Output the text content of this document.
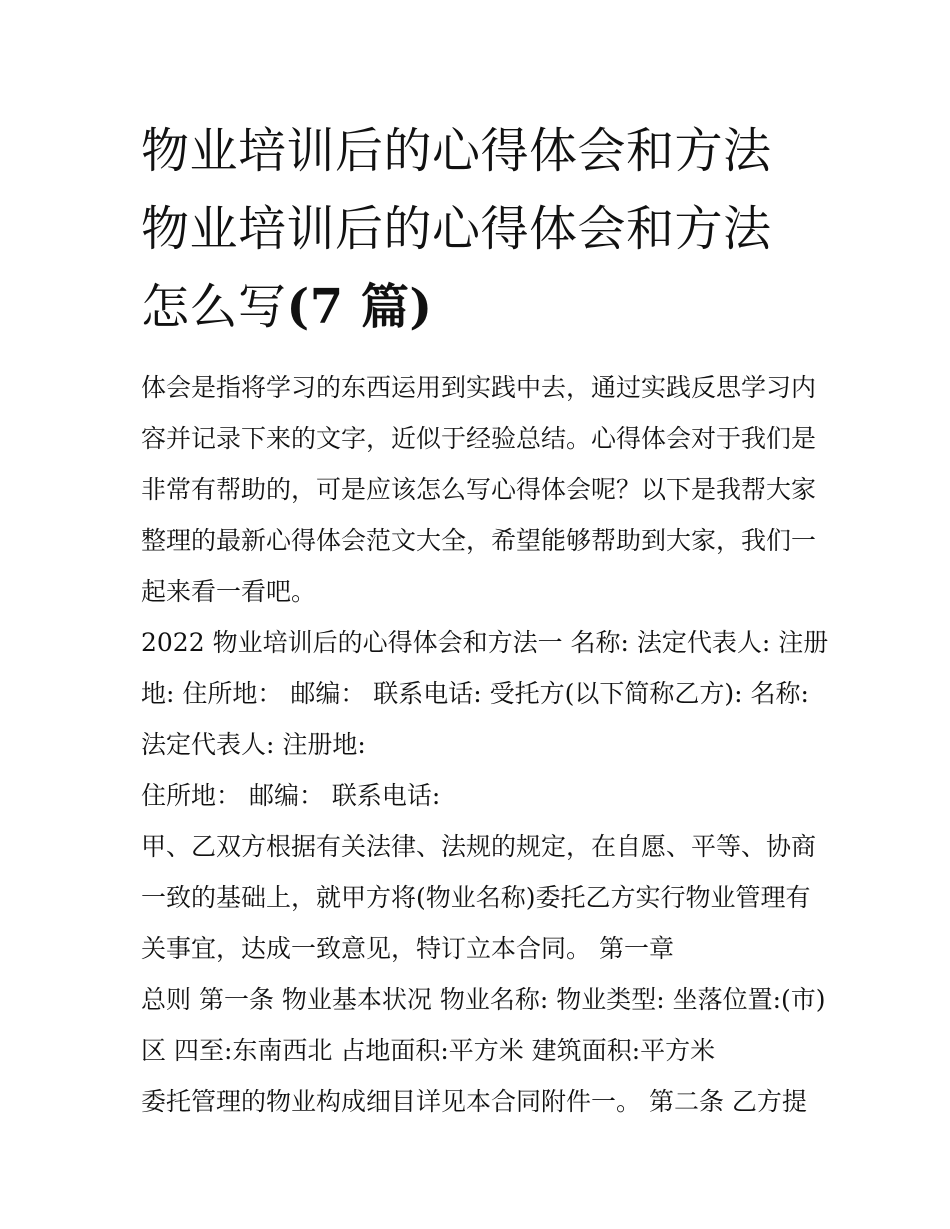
物业培训后的心得体会和方法
物业培训后的心得体会和方法
怎么写(7 篇)

体会是指将学习的东西运用到实践中去，通过实践反思学习内
容并记录下来的文字，近似于经验总结。心得体会对于我们是
非常有帮助的，可是应该怎么写心得体会呢？以下是我帮大家
整理的最新心得体会范文大全，希望能够帮助到大家，我们一
起来看一看吧。

2022 物业培训后的心得体会和方法一 名称: 法定代表人: 注册
地: 住所地： 邮编： 联系电话: 受托方(以下简称乙方): 名称:
法定代表人: 注册地:

住所地： 邮编： 联系电话:

甲、乙双方根据有关法律、法规的规定，在自愿、平等、协商
一致的基础上，就甲方将(物业名称)委托乙方实行物业管理有
关事宜，达成一致意见，特订立本合同。 第一章

总则 第一条 物业基本状况 物业名称: 物业类型: 坐落位置:(市)
区 四至:东南西北 占地面积:平方米 建筑面积:平方米

委托管理的物业构成细目详见本合同附件一。 第二条 乙方提
